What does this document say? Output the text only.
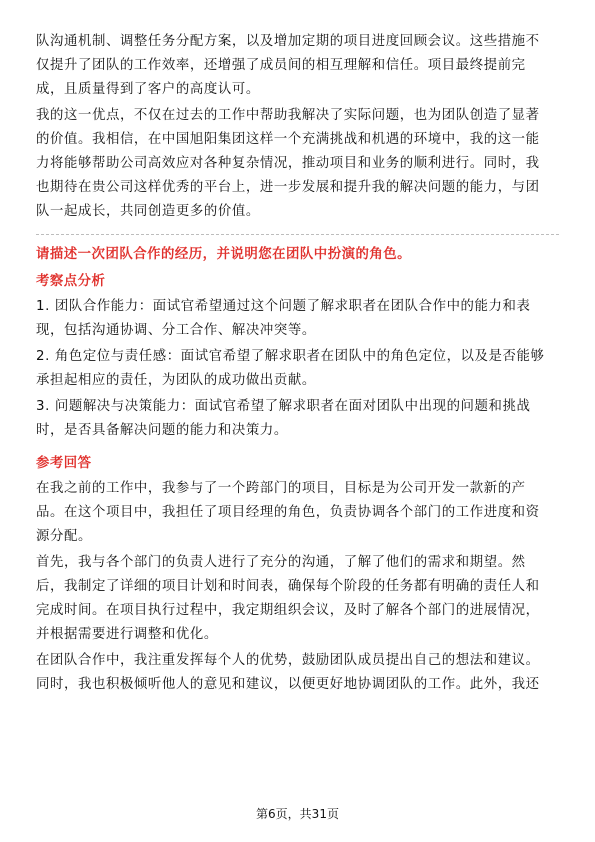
队沟通机制、调整任务分配方案，以及增加定期的项目进度回顾会议。这些措施不
仅提升了团队的工作效率，还增强了成员间的相互理解和信任。项目最终提前完
成，且质量得到了客户的高度认可。

我的这一优点，不仅在过去的工作中帮助我解决了实际问题，也为团队创造了显著
的价值。我相信，在中国旭阳集团这样一个充满挑战和机遇的环境中，我的这一能
力将能够帮助公司高效应对各种复杂情况，推动项目和业务的顺利进行。同时，我
也期待在贵公司这样优秀的平台上，进一步发展和提升我的解决问题的能力，与团
队一起成长，共同创造更多的价值。

请描述一次团队合作的经历，并说明您在团队中扮演的角色。
考察点分析

1. 团队合作能力：面试官希望通过这个问题了解求职者在团队合作中的能力和表
现，包括沟通协调、分工合作、解决冲突等。

2. 角色定位与责任感：面试官希望了解求职者在团队中的角色定位，以及是否能够
承担起相应的责任，为团队的成功做出贡献。

3. 问题解决与决策能力：面试官希望了解求职者在面对团队中出现的问题和挑战
时，是否具备解决问题的能力和决策力。

参考回答

在我之前的工作中，我参与了一个跨部门的项目，目标是为公司开发一款新的产
品。在这个项目中，我担任了项目经理的角色，负责协调各个部门的工作进度和资
源分配。

首先，我与各个部门的负责人进行了充分的沟通，了解了他们的需求和期望。然
后，我制定了详细的项目计划和时间表，确保每个阶段的任务都有明确的责任人和
完成时间。在项目执行过程中，我定期组织会议，及时了解各个部门的进展情况，
并根据需要进行调整和优化。

在团队合作中，我注重发挥每个人的优势，鼓励团队成员提出自己的想法和建议。
同时，我也积极倾听他人的意见和建议，以便更好地协调团队的工作。此外，我还

第6页，共31页
